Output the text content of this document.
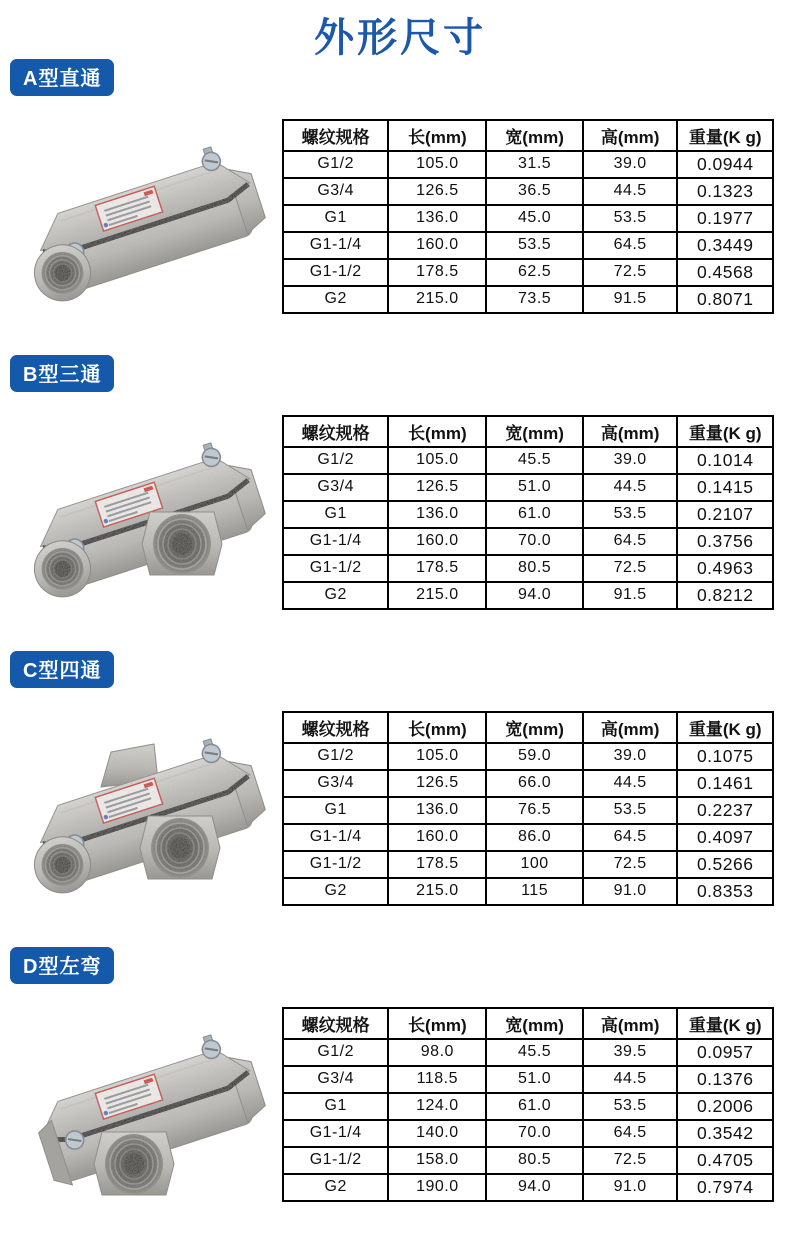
外形尺寸
A型直通
螺纹规格	长(mm)	宽(mm)	高(mm)	重量(K g)
G1/2	105.0	31.5	39.0	0.0944
G3/4	126.5	36.5	44.5	0.1323
G1	136.0	45.0	53.5	0.1977
G1-1/4	160.0	53.5	64.5	0.3449
G1-1/2	178.5	62.5	72.5	0.4568
G2	215.0	73.5	91.5	0.8071
B型三通
螺纹规格	长(mm)	宽(mm)	高(mm)	重量(K g)
G1/2	105.0	45.5	39.0	0.1014
G3/4	126.5	51.0	44.5	0.1415
G1	136.0	61.0	53.5	0.2107
G1-1/4	160.0	70.0	64.5	0.3756
G1-1/2	178.5	80.5	72.5	0.4963
G2	215.0	94.0	91.5	0.8212
C型四通
螺纹规格	长(mm)	宽(mm)	高(mm)	重量(K g)
G1/2	105.0	59.0	39.0	0.1075
G3/4	126.5	66.0	44.5	0.1461
G1	136.0	76.5	53.5	0.2237
G1-1/4	160.0	86.0	64.5	0.4097
G1-1/2	178.5	100	72.5	0.5266
G2	215.0	115	91.0	0.8353
D型左弯
螺纹规格	长(mm)	宽(mm)	高(mm)	重量(K g)
G1/2	98.0	45.5	39.5	0.0957
G3/4	118.5	51.0	44.5	0.1376
G1	124.0	61.0	53.5	0.2006
G1-1/4	140.0	70.0	64.5	0.3542
G1-1/2	158.0	80.5	72.5	0.4705
G2	190.0	94.0	91.0	0.7974
